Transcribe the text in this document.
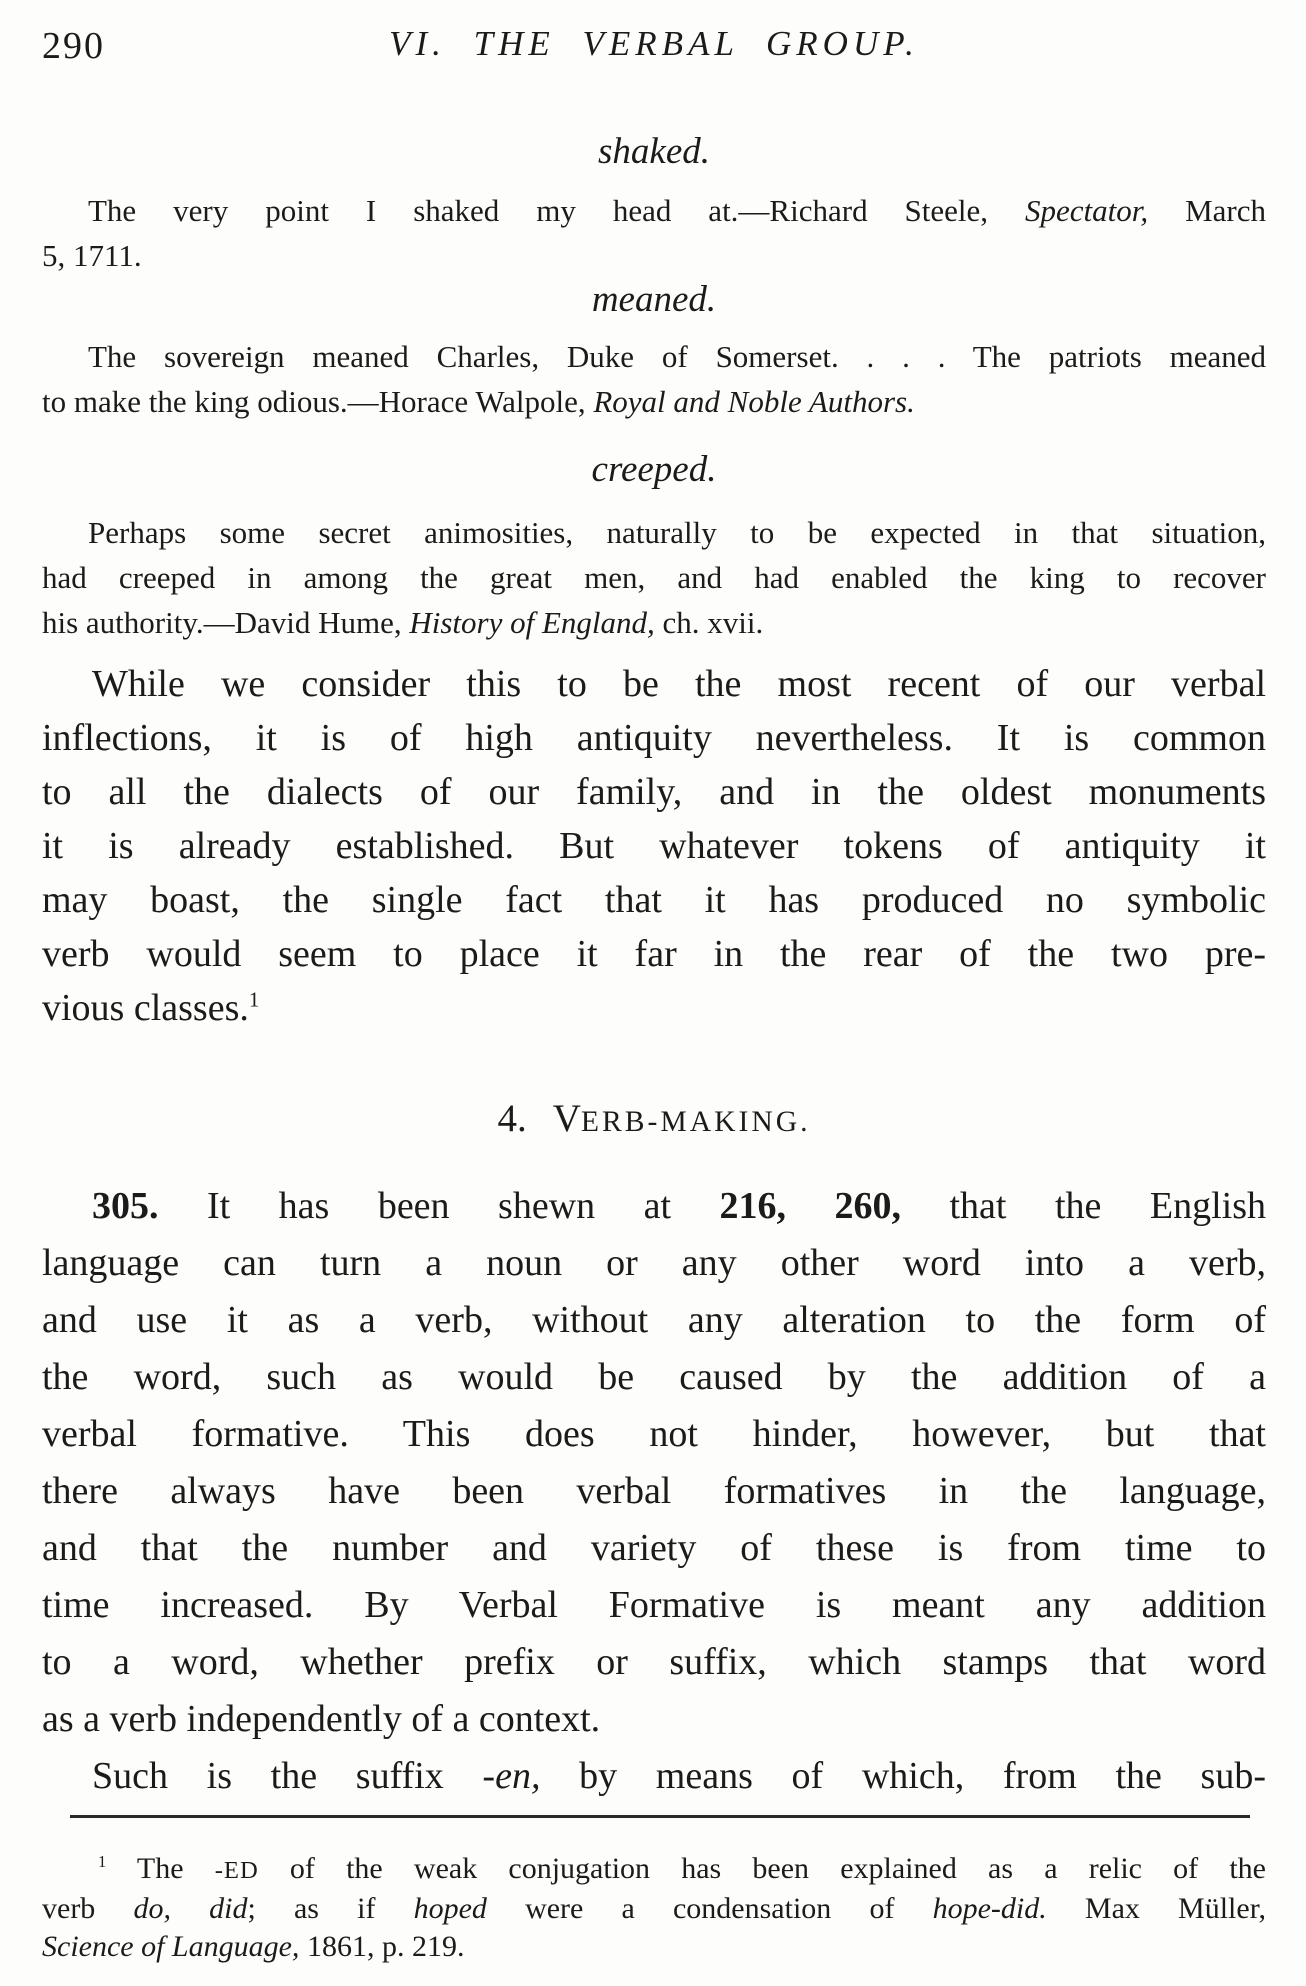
290	VI. THE VERBAL GROUP.
shaked.
The very point I shaked my head at.—Richard Steele, Spectator, March
5, 1711.
meaned.
The sovereign meaned Charles, Duke of Somerset. . . . The patriots meaned
to make the king odious.—Horace Walpole, Royal and Noble Authors.
creeped.
Perhaps some secret animosities, naturally to be expected in that situation,
had creeped in among the great men, and had enabled the king to recover
his authority.—David Hume, History of England, ch. xvii.
While we consider this to be the most recent of our verbal
inflections, it is of high antiquity nevertheless. It is common
to all the dialects of our family, and in the oldest monuments
it is already established. But whatever tokens of antiquity it
may boast, the single fact that it has produced no symbolic
verb would seem to place it far in the rear of the two pre-
vious classes.$^1$
4. VERB-MAKING.
305. It has been shewn at 216, 260, that the English
language can turn a noun or any other word into a verb,
and use it as a verb, without any alteration to the form of
the word, such as would be caused by the addition of a
verbal formative. This does not hinder, however, but that
there always have been verbal formatives in the language,
and that the number and variety of these is from time to
time increased. By Verbal Formative is meant any addition
to a word, whether prefix or suffix, which stamps that word
as a verb independently of a context.
Such is the suffix -en, by means of which, from the sub-
$^1$ The -ED of the weak conjugation has been explained as a relic of the
verb do, did; as if hoped were a condensation of hope-did. Max Müller,
Science of Language, 1861, p. 219.
